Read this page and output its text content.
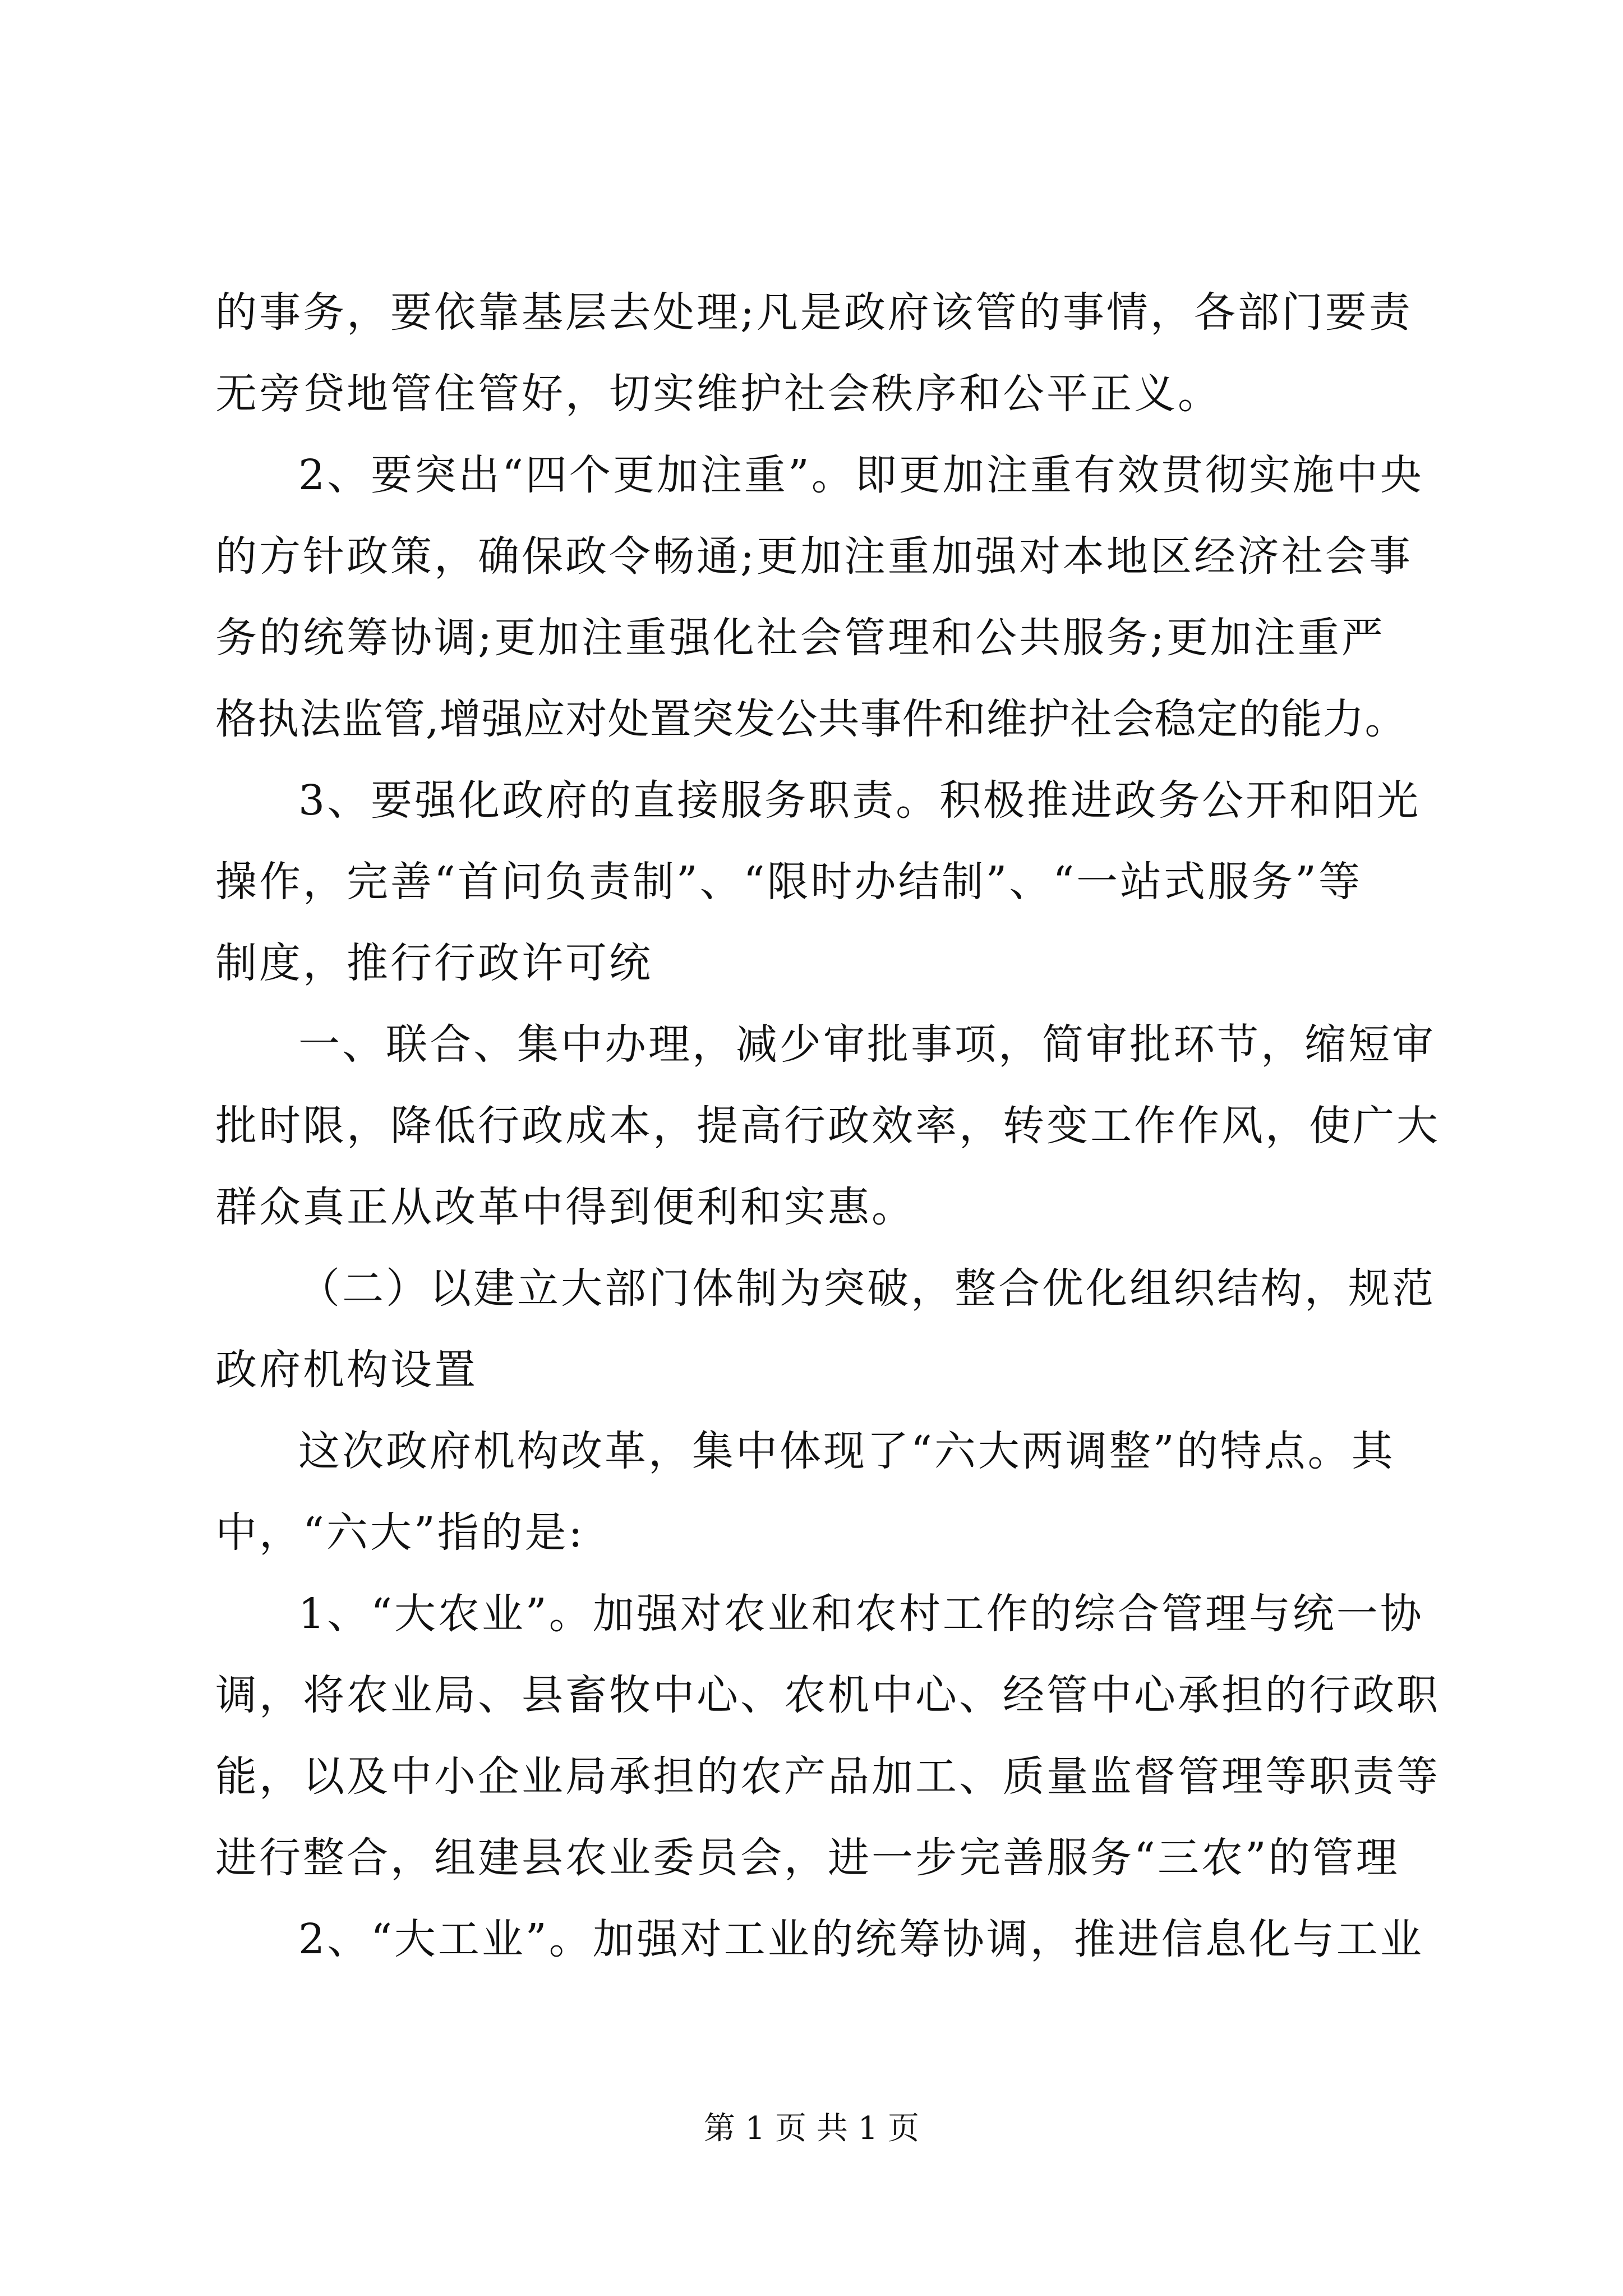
的事务，要依靠基层去处理;凡是政府该管的事情，各部门要责
无旁贷地管住管好，切实维护社会秩序和公平正义。
2、要突出“四个更加注重”。即更加注重有效贯彻实施中央
的方针政策，确保政令畅通;更加注重加强对本地区经济社会事
务的统筹协调;更加注重强化社会管理和公共服务;更加注重严
格执法监管,增强应对处置突发公共事件和维护社会稳定的能力。
3、要强化政府的直接服务职责。积极推进政务公开和阳光
操作，完善“首问负责制”、“限时办结制”、“一站式服务”等
制度，推行行政许可统
一、联合、集中办理，减少审批事项，简审批环节，缩短审
批时限，降低行政成本，提高行政效率，转变工作作风，使广大
群众真正从改革中得到便利和实惠。
（二）以建立大部门体制为突破，整合优化组织结构，规范
政府机构设置
这次政府机构改革，集中体现了“六大两调整”的特点。其
中，“六大”指的是:
1、“大农业”。加强对农业和农村工作的综合管理与统一协
调，将农业局、县畜牧中心、农机中心、经管中心承担的行政职
能，以及中小企业局承担的农产品加工、质量监督管理等职责等
进行整合，组建县农业委员会，进一步完善服务“三农”的管理
2、“大工业”。加强对工业的统筹协调，推进信息化与工业
第 1 页 共 1 页
